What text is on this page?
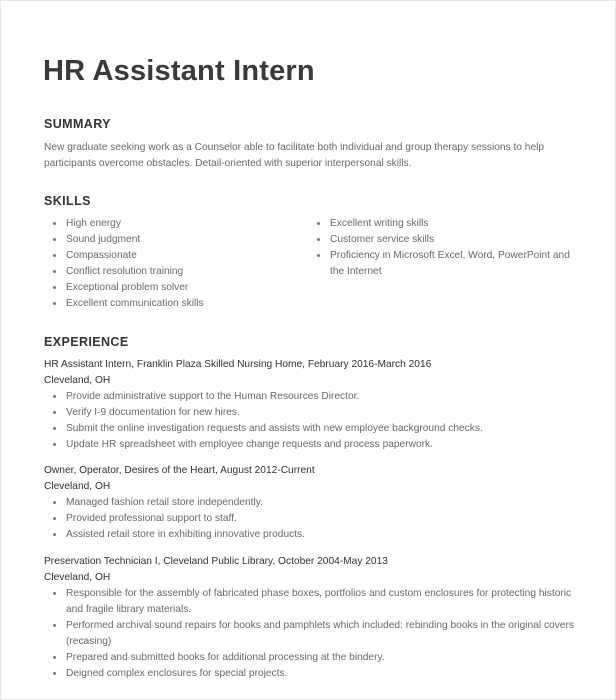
HR Assistant Intern
SUMMARY

New graduate seeking work as a Counselor able to facilitate both individual and group therapy sessions to help participants overcome obstacles. Detail-oriented with superior interpersonal skills.

SKILLS
High energy
Sound judgment
Compassionate
Conflict resolution training
Exceptional problem solver
Excellent communication skills
Excellent writing skills
Customer service skills
Proficiency in Microsoft Excel, Word, PowerPoint and the Internet
EXPERIENCE

HR Assistant Intern, Franklin Plaza Skilled Nursing Home, February 2016-March 2016

Cleveland, OH

Provide administrative support to the Human Resources Director.
Verify I-9 documentation for new hires.
Submit the online investigation requests and assists with new employee background checks.
Update HR spreadsheet with employee change requests and process paperwork.

Owner, Operator, Desires of the Heart, August 2012-Current

Cleveland, OH

Managed fashion retail store independently.
Provided professional support to staff.
Assisted retail store in exhibiting innovative products.

Preservation Technician I, Cleveland Public Library, October 2004-May 2013

Cleveland, OH

Responsible for the assembly of fabricated phase boxes, portfolios and custom enclosures for protecting historic and fragile library materials.
Performed archival sound repairs for books and pamphlets which included: rebinding books in the original covers (recasing)
Prepared and submitted books for additional processing at the bindery.
Deigned complex enclosures for special projects.
